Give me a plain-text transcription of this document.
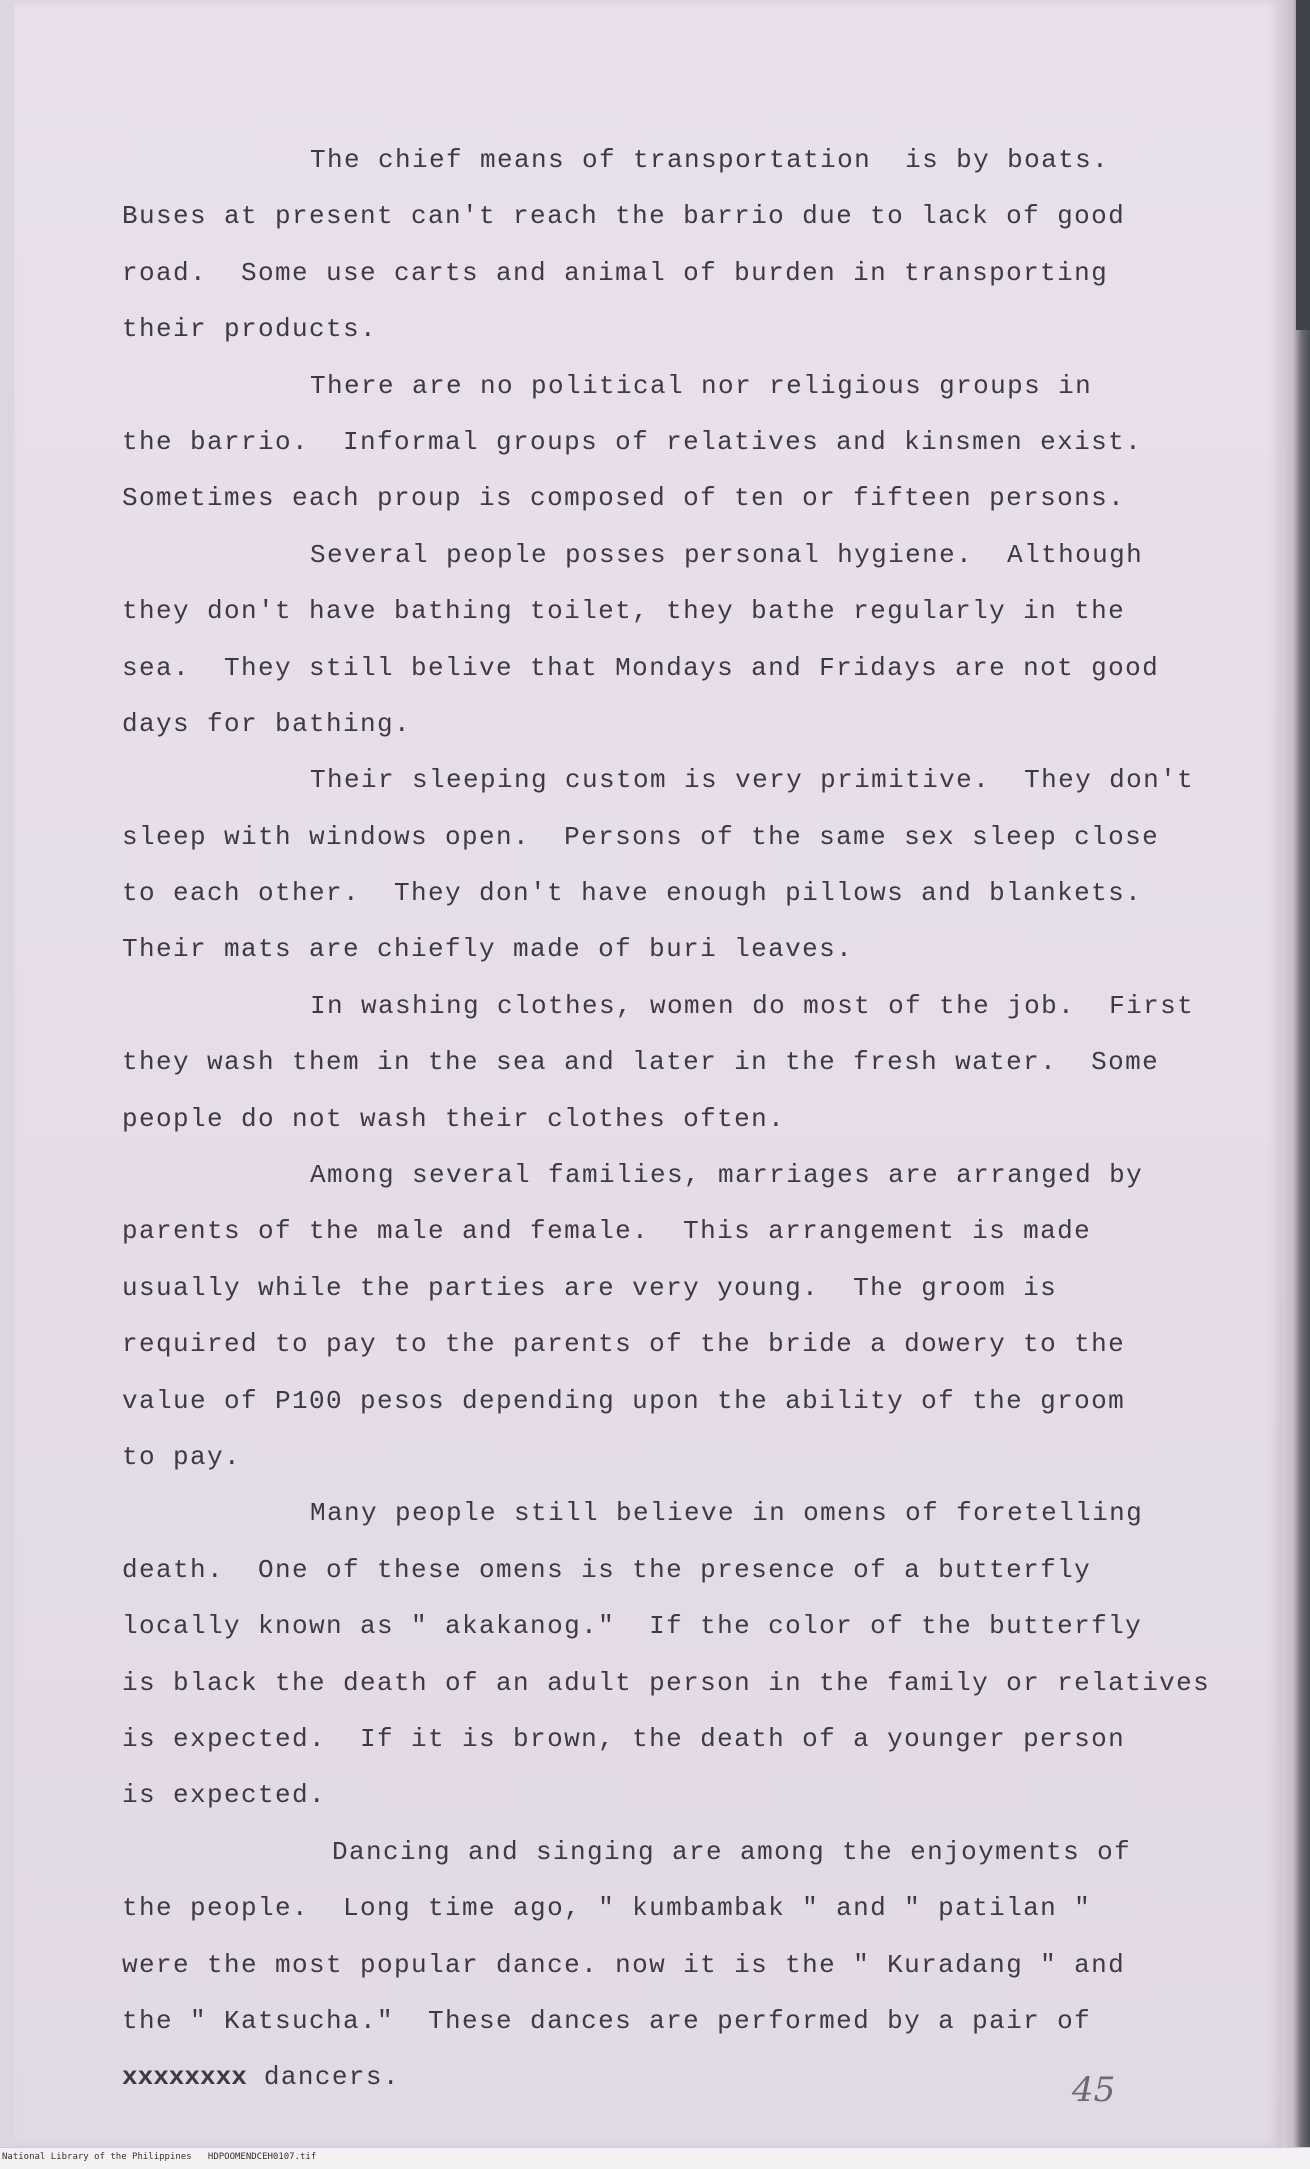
The chief means of transportation  is by boats.
Buses at present can't reach the barrio due to lack of good
road.  Some use carts and animal of burden in transporting
their products.
There are no political nor religious groups in
the barrio.  Informal groups of relatives and kinsmen exist.
Sometimes each proup is composed of ten or fifteen persons.
Several people posses personal hygiene.  Although
they don't have bathing toilet, they bathe regularly in the
sea.  They still belive that Mondays and Fridays are not good
days for bathing.
Their sleeping custom is very primitive.  They don't
sleep with windows open.  Persons of the same sex sleep close
to each other.  They don't have enough pillows and blankets.
Their mats are chiefly made of buri leaves.
In washing clothes, women do most of the job.  First
they wash them in the sea and later in the fresh water.  Some
people do not wash their clothes often.
Among several families, marriages are arranged by
parents of the male and female.  This arrangement is made
usually while the parties are very young.  The groom is
required to pay to the parents of the bride a dowery to the
value of P100 pesos depending upon the ability of the groom
to pay.
Many people still believe in omens of foretelling
death.  One of these omens is the presence of a butterfly
locally known as " akakanog."  If the color of the butterfly
is black the death of an adult person in the family or relatives
is expected.  If it is brown, the death of a younger person
is expected.
Dancing and singing are among the enjoyments of
the people.  Long time ago, " kumbambak " and " patilan "
were the most popular dance. now it is the " Kuradang " and
the " Katsucha."  These dances are performed by a pair of
xxxxxxxx dancers.	45
National Library of the Philippines   HDPOOMENDCEH0107.tif
